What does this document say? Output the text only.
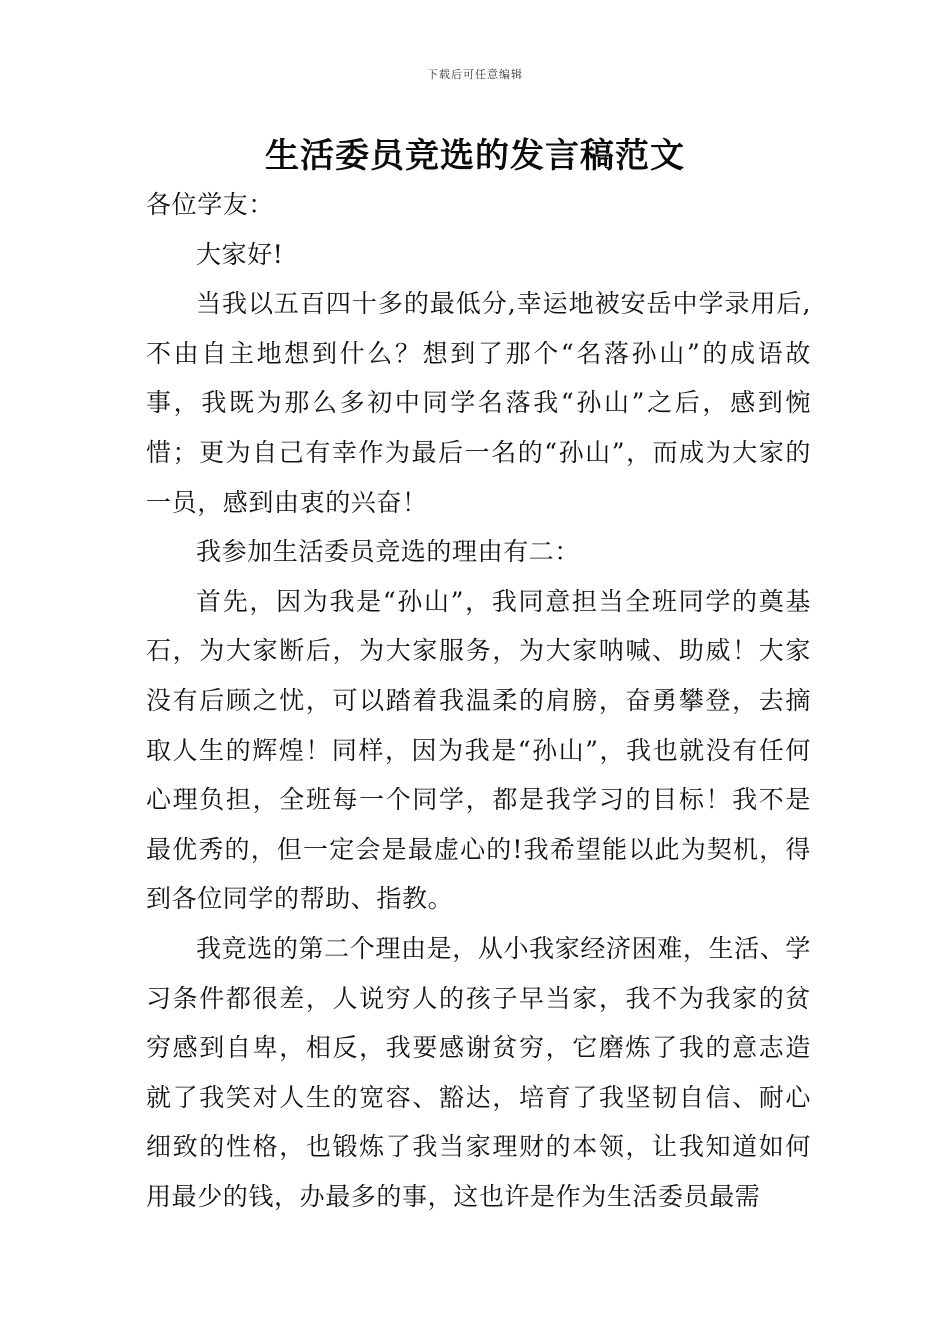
下载后可任意编辑
生活委员竞选的发言稿范文

各位学友：

大家好!

当我以五百四十多的最低分,幸运地被安岳中学录用后,不由自主地想到什么？想到了那个“名落孙山”的成语故事，我既为那么多初中同学名落我“孙山”之后，感到惋惜；更为自己有幸作为最后一名的“孙山”，而成为大家的一员，感到由衷的兴奋！

我参加生活委员竞选的理由有二：

首先，因为我是“孙山”，我同意担当全班同学的奠基石，为大家断后，为大家服务，为大家呐喊、助威！大家没有后顾之忧，可以踏着我温柔的肩膀，奋勇攀登，去摘取人生的辉煌！同样，因为我是“孙山”，我也就没有任何心理负担，全班每一个同学，都是我学习的目标！我不是最优秀的，但一定会是最虚心的!我希望能以此为契机，得到各位同学的帮助、指教。

我竞选的第二个理由是，从小我家经济困难，生活、学习条件都很差，人说穷人的孩子早当家，我不为我家的贫穷感到自卑，相反，我要感谢贫穷，它磨炼了我的意志造就了我笑对人生的宽容、豁达，培育了我坚韧自信、耐心细致的性格，也锻炼了我当家理财的本领，让我知道如何用最少的钱，办最多的事，这也许是作为生活委员最需
